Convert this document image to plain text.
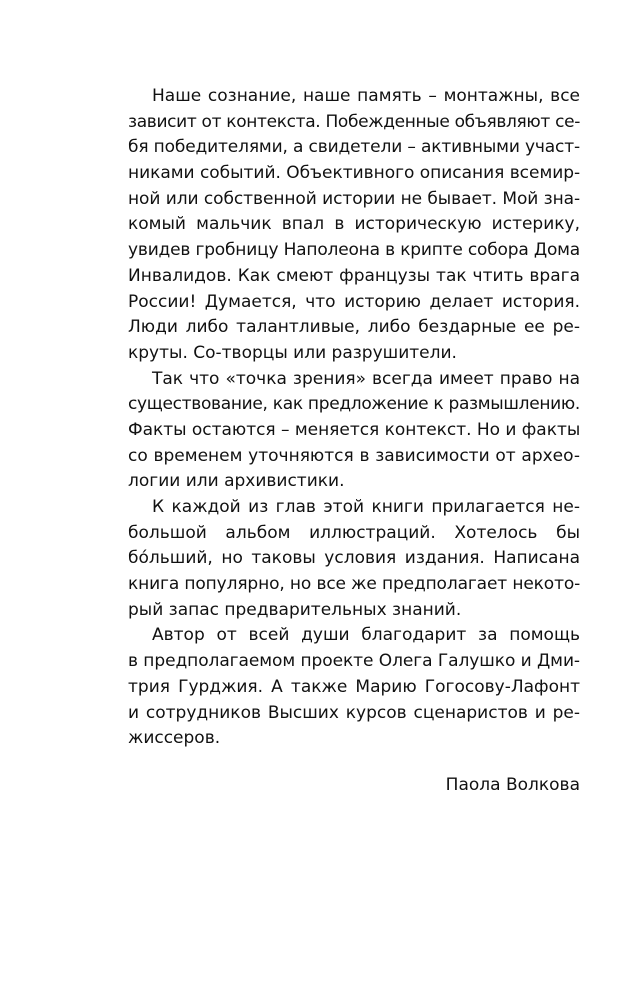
Наше сознание, наше память – монтажны, все
зависит от контекста. Побежденные объявляют се-
бя победителями, а свидетели – активными участ-
никами событий. Объективного описания всемир-
ной или собственной истории не бывает. Мой зна-
комый мальчик впал в историческую истерику,
увидев гробницу Наполеона в крипте собора Дома
Инвалидов. Как смеют французы так чтить врага
России! Думается, что историю делает история.
Люди либо талантливые, либо бездарные ее ре-
круты. Со-творцы или разрушители.
Так что «точка зрения» всегда имеет право на
существование, как предложение к размышлению.
Факты остаются – меняется контекст. Но и факты
со временем уточняются в зависимости от археo-
логии или архивистики.
К каждой из глав этой книги прилагается не-
большой альбом иллюстраций. Хотелось бы
бо́льший, но таковы условия издания. Написана
книга популярно, но все же предполагает некото-
рый запас предварительных знаний.
Автор от всей души благодарит за помощь
в предполагаемом проекте Олега Галушко и Дми-
трия Гурджия. А также Марию Гогосову-Лафонт
и сотрудников Высших курсов сценаристов и ре-
жиссеров.
Паола Волкова
